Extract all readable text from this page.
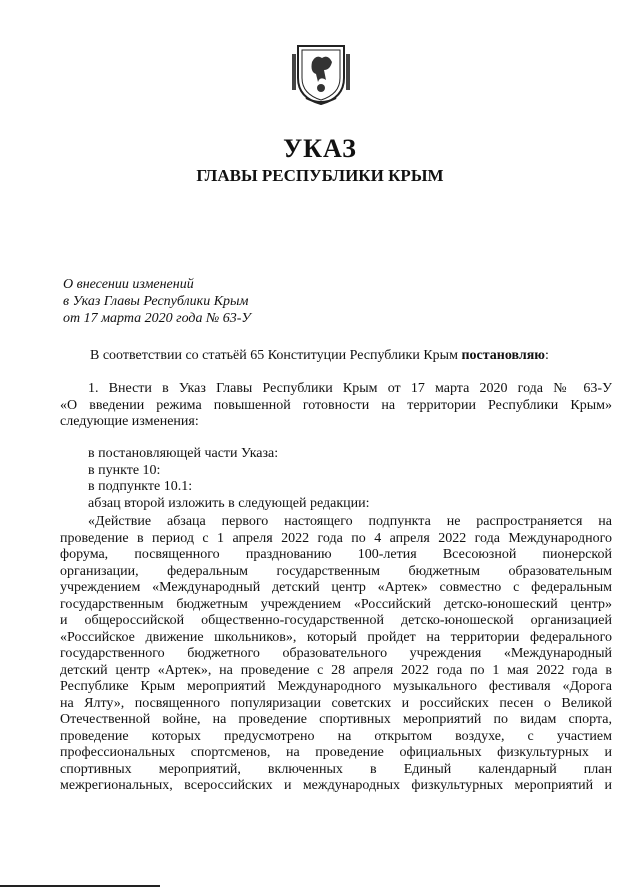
УКАЗ
ГЛАВЫ РЕСПУБЛИКИ КРЫМ
О внесении изменений
в Указ Главы Республики Крым
от 17 марта 2020 года № 63-У
В соответствии со статьёй 65 Конституции Республики Крым постановляю:
1. Внести в Указ Главы Республики Крым от 17 марта 2020 года № 63-У
«О введении режима повышенной готовности на территории Республики Крым»
следующие изменения:
в постановляющей части Указа:
в пункте 10:
в подпункте 10.1:
абзац второй изложить в следующей редакции:
«Действие абзаца первого настоящего подпункта не распространяется на
проведение в период с 1 апреля 2022 года по 4 апреля 2022 года Международного
форума, посвященного празднованию 100-летия Всесоюзной пионерской
организации, федеральным государственным бюджетным образовательным
учреждением «Международный детский центр «Артек» совместно с федеральным
государственным бюджетным учреждением «Российский детско-юношеский центр»
и общероссийской общественно-государственной детско-юношеской организацией
«Российское движение школьников», который пройдет на территории федерального
государственного бюджетного образовательного учреждения «Международный
детский центр «Артек», на проведение с 28 апреля 2022 года по 1 мая 2022 года в
Республике Крым мероприятий Международного музыкального фестиваля «Дорога
на Ялту», посвященного популяризации советских и российских песен о Великой
Отечественной войне, на проведение спортивных мероприятий по видам спорта,
проведение которых предусмотрено на открытом воздухе, с участием
профессиональных спортсменов, на проведение официальных физкультурных и
спортивных мероприятий, включенных в Единый календарный план
межрегиональных, всероссийских и международных физкультурных мероприятий и
